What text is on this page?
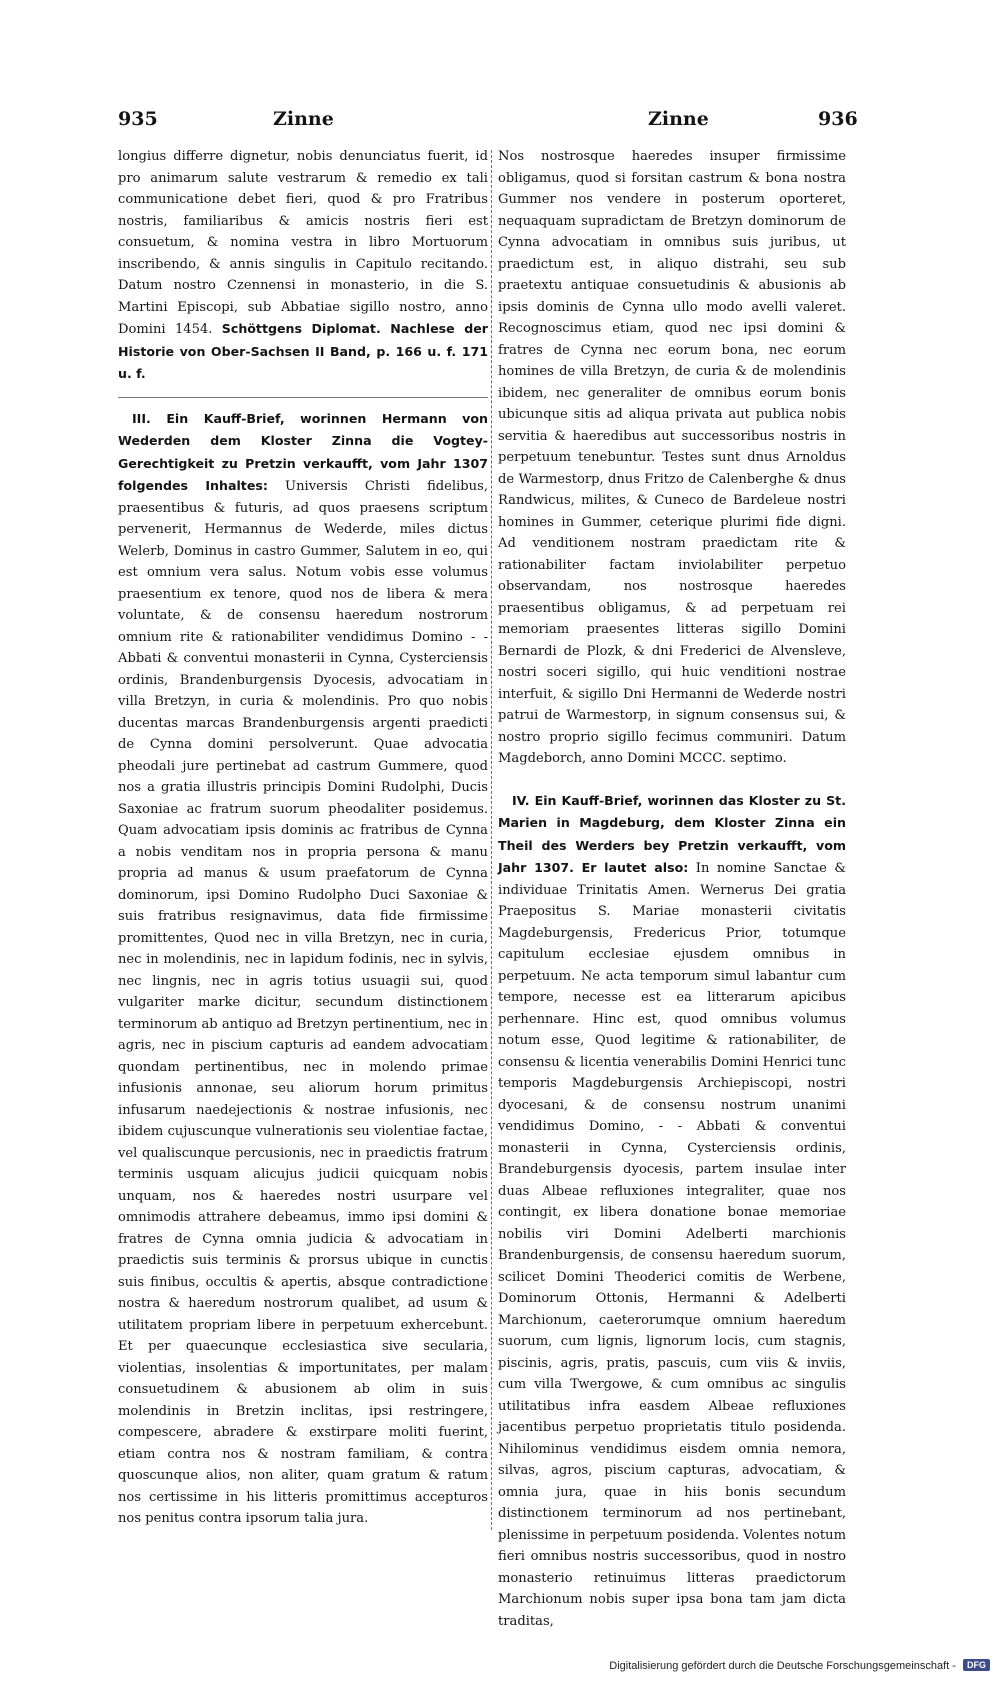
935	Zinne	Zinne	936

longius differre dignetur, nobis denunciatus fuerit, id pro animarum salute vestrarum & remedio ex tali communicatione debet fieri, quod & pro Fratribus nostris, familiaribus & amicis nostris fieri est consuetum, & nomina vestra in libro Mortuorum inscribendo, & annis singulis in Capitulo recitando. Datum nostro Czennensi in monasterio, in die S. Martini Episcopi, sub Abbatiae sigillo nostro, anno Domini 1454. Schöttgens Diplomat. Nachlese der Historie von Ober-Sachsen II Band, p. 166 u. f. 171 u. f.

III. Ein Kauff-Brief, worinnen Hermann von Wederden dem Kloster Zinna die Vogtey-Gerechtigkeit zu Pretzin verkaufft, vom Jahr 1307 folgendes Inhaltes: Universis Christi fidelibus, praesentibus & futuris, ad quos praesens scriptum pervenerit, Hermannus de Wederde, miles dictus Welerb, Dominus in castro Gummer, Salutem in eo, qui est omnium vera salus. Notum vobis esse volumus praesentium ex tenore, quod nos de libera & mera voluntate, & de consensu haeredum nostrorum omnium rite & rationabiliter vendidimus Domino - - Abbati & conventui monasterii in Cynna, Cysterciensis ordinis, Brandenburgensis Dyocesis, advocatiam in villa Bretzyn, in curia & molendinis. Pro quo nobis ducentas marcas Brandenburgensis argenti praedicti de Cynna domini persolverunt. Quae advocatia pheodali jure pertinebat ad castrum Gummere, quod nos a gratia illustris principis Domini Rudolphi, Ducis Saxoniae ac fratrum suorum pheodaliter posidemus. Quam advocatiam ipsis dominis ac fratribus de Cynna a nobis venditam nos in propria persona & manu propria ad manus & usum praefatorum de Cynna dominorum, ipsi Domino Rudolpho Duci Saxoniae & suis fratribus resignavimus, data fide firmissime promittentes, Quod nec in villa Bretzyn, nec in curia, nec in molendinis, nec in lapidum fodinis, nec in sylvis, nec lingnis, nec in agris totius usuagii sui, quod vulgariter marke dicitur, secundum distinctionem terminorum ab antiquo ad Bretzyn pertinentium, nec in agris, nec in piscium capturis ad eandem advocatiam quondam pertinentibus, nec in molendo primae infusionis annonae, seu aliorum horum primitus infusarum naedejectionis & nostrae infusionis, nec ibidem cujuscunque vulnerationis seu violentiae factae, vel qualiscunque percusionis, nec in praedictis fratrum terminis usquam alicujus judicii quicquam nobis unquam, nos & haeredes nostri usurpare vel omnimodis attrahere debeamus, immo ipsi domini & fratres de Cynna omnia judicia & advocatiam in praedictis suis terminis & prorsus ubique in cunctis suis finibus, occultis & apertis, absque contradictione nostra & haeredum nostrorum qualibet, ad usum & utilitatem propriam libere in perpetuum exhercebunt. Et per quaecunque ecclesiastica sive secularia, violentias, insolentias & importunitates, per malam consuetudinem & abusionem ab olim in suis molendinis in Bretzin inclitas, ipsi restringere, compescere, abradere & exstirpare moliti fuerint, etiam contra nos & nostram familiam, & contra quoscunque alios, non aliter, quam gratum & ratum nos certissime in his litteris promittimus accepturos nos penitus contra ipsorum talia jura.

Nos nostrosque haeredes insuper firmissime obligamus, quod si forsitan castrum & bona nostra Gummer nos vendere in posterum oporteret, nequaquam supradictam de Bretzyn dominorum de Cynna advocatiam in omnibus suis juribus, ut praedictum est, in aliquo distrahi, seu sub praetextu antiquae consuetudinis & abusionis ab ipsis dominis de Cynna ullo modo avelli valeret. Recognoscimus etiam, quod nec ipsi domini & fratres de Cynna nec eorum bona, nec eorum homines de villa Bretzyn, de curia & de molendinis ibidem, nec generaliter de omnibus eorum bonis ubicunque sitis ad aliqua privata aut publica nobis servitia & haeredibus aut successoribus nostris in perpetuum tenebuntur. Testes sunt dnus Arnoldus de Warmestorp, dnus Fritzo de Calenberghe & dnus Randwicus, milites, & Cuneco de Bardeleue nostri homines in Gummer, ceterique plurimi fide digni. Ad venditionem nostram praedictam rite & rationabiliter factam inviolabiliter perpetuo observandam, nos nostrosque haeredes praesentibus obligamus, & ad perpetuam rei memoriam praesentes litteras sigillo Domini Bernardi de Plozk, & dni Frederici de Alvensleve, nostri soceri sigillo, qui huic venditioni nostrae interfuit, & sigillo Dni Hermanni de Wederde nostri patrui de Warmestorp, in signum consensus sui, & nostro proprio sigillo fecimus communiri. Datum Magdeborch, anno Domini MCCC. septimo.

IV. Ein Kauff-Brief, worinnen das Kloster zu St. Marien in Magdeburg, dem Kloster Zinna ein Theil des Werders bey Pretzin verkaufft, vom Jahr 1307. Er lautet also: In nomine Sanctae & individuae Trinitatis Amen. Wernerus Dei gratia Praepositus S. Mariae monasterii civitatis Magdeburgensis, Fredericus Prior, totumque capitulum ecclesiae ejusdem omnibus in perpetuum. Ne acta temporum simul labantur cum tempore, necesse est ea litterarum apicibus perhennare. Hinc est, quod omnibus volumus notum esse, Quod legitime & rationabiliter, de consensu & licentia venerabilis Domini Henrici tunc temporis Magdeburgensis Archiepiscopi, nostri dyocesani, & de consensu nostrum unanimi vendidimus Domino, - - Abbati & conventui monasterii in Cynna, Cysterciensis ordinis, Brandeburgensis dyocesis, partem insulae inter duas Albeae refluxiones integraliter, quae nos contingit, ex libera donatione bonae memoriae nobilis viri Domini Adelberti marchionis Brandenburgensis, de consensu haeredum suorum, scilicet Domini Theoderici comitis de Werbene, Dominorum Ottonis, Hermanni & Adelberti Marchionum, caeterorumque omnium haeredum suorum, cum lignis, lignorum locis, cum stagnis, piscinis, agris, pratis, pascuis, cum viis & inviis, cum villa Twergowe, & cum omnibus ac singulis utilitatibus infra easdem Albeae refluxiones jacentibus perpetuo proprietatis titulo posidenda. Nihilominus vendidimus eisdem omnia nemora, silvas, agros, piscium capturas, advocatiam, & omnia jura, quae in hiis bonis secundum distinctionem terminorum ad nos pertinebant, plenissime in perpetuum posidenda. Volentes notum fieri omnibus nostris successoribus, quod in nostro monasterio retinuimus litteras praedictorum Marchionum nobis super ipsa bona tam jam dicta traditas,

Digitalisierung gefördert durch die Deutsche Forschungsgemeinschaft - DFG
